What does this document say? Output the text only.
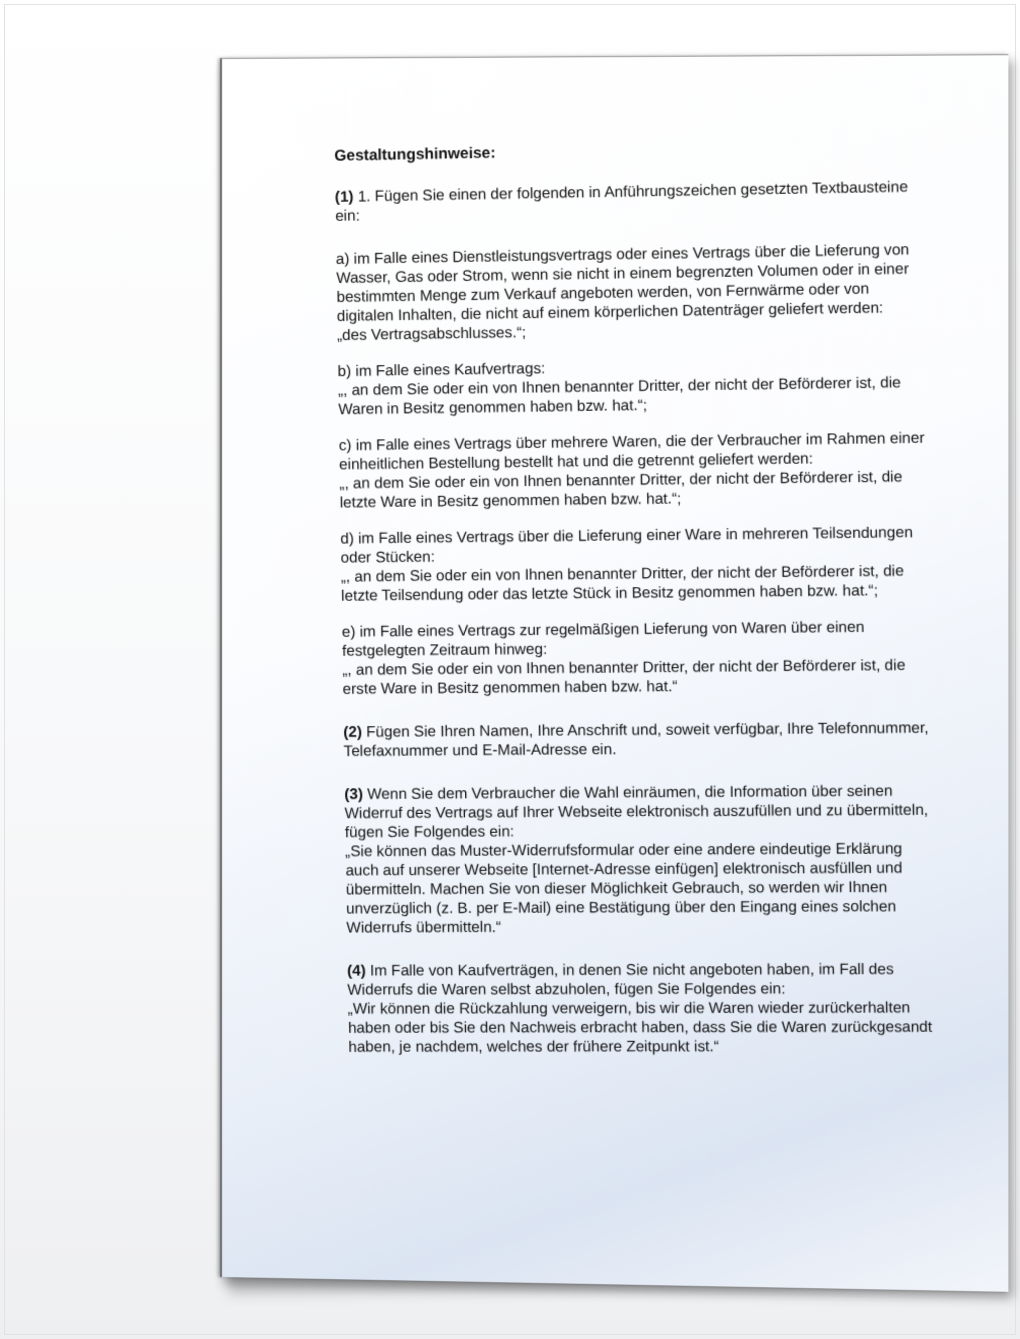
Gestaltungshinweise:
(1) 1. Fügen Sie einen der folgenden in Anführungszeichen gesetzten Textbausteine
ein:
a) im Falle eines Dienstleistungsvertrags oder eines Vertrags über die Lieferung von
Wasser, Gas oder Strom, wenn sie nicht in einem begrenzten Volumen oder in einer
bestimmten Menge zum Verkauf angeboten werden, von Fernwärme oder von
digitalen Inhalten, die nicht auf einem körperlichen Datenträger geliefert werden:
„des Vertragsabschlusses.“;
b) im Falle eines Kaufvertrags:
„, an dem Sie oder ein von Ihnen benannter Dritter, der nicht der Beförderer ist, die
Waren in Besitz genommen haben bzw. hat.“;
c) im Falle eines Vertrags über mehrere Waren, die der Verbraucher im Rahmen einer
einheitlichen Bestellung bestellt hat und die getrennt geliefert werden:
„, an dem Sie oder ein von Ihnen benannter Dritter, der nicht der Beförderer ist, die
letzte Ware in Besitz genommen haben bzw. hat.“;
d) im Falle eines Vertrags über die Lieferung einer Ware in mehreren Teilsendungen
oder Stücken:
„, an dem Sie oder ein von Ihnen benannter Dritter, der nicht der Beförderer ist, die
letzte Teilsendung oder das letzte Stück in Besitz genommen haben bzw. hat.“;
e) im Falle eines Vertrags zur regelmäßigen Lieferung von Waren über einen
festgelegten Zeitraum hinweg:
„, an dem Sie oder ein von Ihnen benannter Dritter, der nicht der Beförderer ist, die
erste Ware in Besitz genommen haben bzw. hat.“
(2) Fügen Sie Ihren Namen, Ihre Anschrift und, soweit verfügbar, Ihre Telefonnummer,
Telefaxnummer und E-Mail-Adresse ein.
(3) Wenn Sie dem Verbraucher die Wahl einräumen, die Information über seinen
Widerruf des Vertrags auf Ihrer Webseite elektronisch auszufüllen und zu übermitteln,
fügen Sie Folgendes ein:
„Sie können das Muster-Widerrufsformular oder eine andere eindeutige Erklärung
auch auf unserer Webseite [Internet-Adresse einfügen] elektronisch ausfüllen und
übermitteln. Machen Sie von dieser Möglichkeit Gebrauch, so werden wir Ihnen
unverzüglich (z. B. per E-Mail) eine Bestätigung über den Eingang eines solchen
Widerrufs übermitteln.“
(4) Im Falle von Kaufverträgen, in denen Sie nicht angeboten haben, im Fall des
Widerrufs die Waren selbst abzuholen, fügen Sie Folgendes ein:
„Wir können die Rückzahlung verweigern, bis wir die Waren wieder zurückerhalten
haben oder bis Sie den Nachweis erbracht haben, dass Sie die Waren zurückgesandt
haben, je nachdem, welches der frühere Zeitpunkt ist.“
